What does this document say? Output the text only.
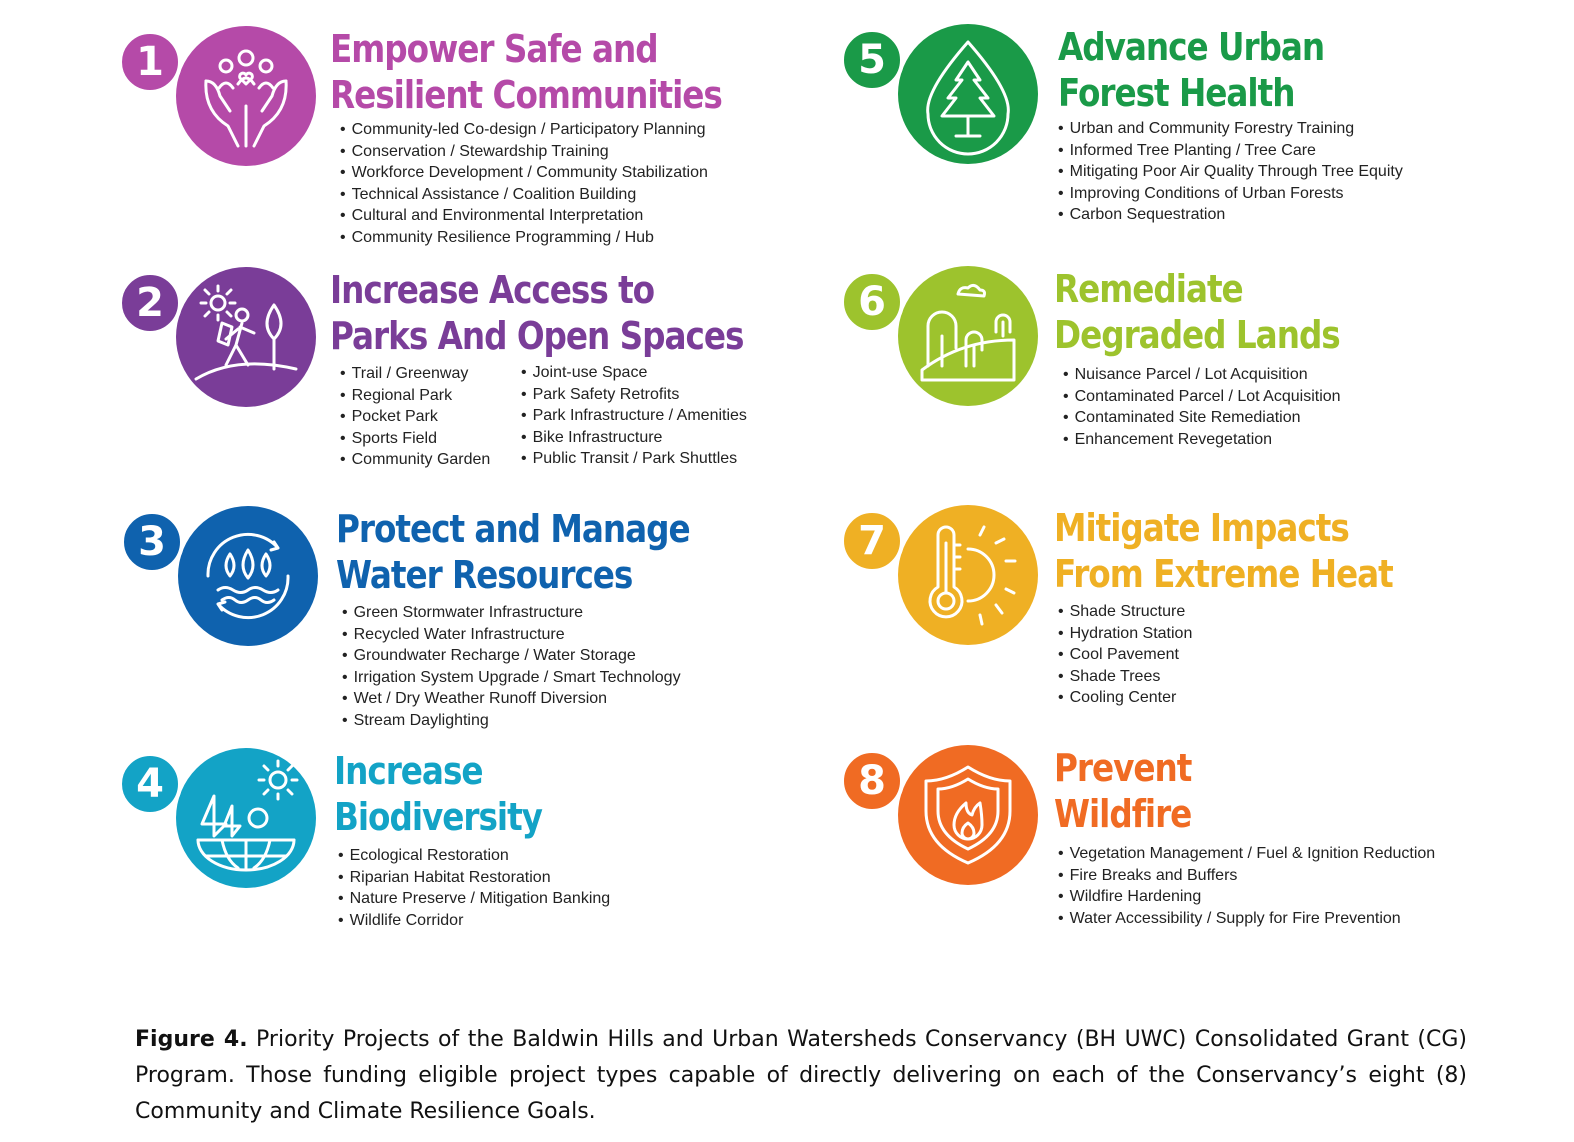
1	Empower Safe and
Resilient Communities
• Community-led Co-design / Participatory Planning
• Conservation / Stewardship Training
• Workforce Development / Community Stabilization
• Technical Assistance / Coalition Building
• Cultural and Environmental Interpretation
• Community Resilience Programming / Hub
2	Increase Access to
Parks And Open Spaces
• Trail / Greenway
• Regional Park
• Pocket Park
• Sports Field
• Community Garden
• Joint-use Space
• Park Safety Retrofits
• Park Infrastructure / Amenities
• Bike Infrastructure
• Public Transit / Park Shuttles
3	Protect and Manage
Water Resources
• Green Stormwater Infrastructure
• Recycled Water Infrastructure
• Groundwater Recharge / Water Storage
• Irrigation System Upgrade / Smart Technology
• Wet / Dry Weather Runoff Diversion
• Stream Daylighting
4	Increase
Biodiversity
• Ecological Restoration
• Riparian Habitat Restoration
• Nature Preserve / Mitigation Banking
• Wildlife Corridor
5	Advance Urban
Forest Health
• Urban and Community Forestry Training
• Informed Tree Planting / Tree Care
• Mitigating Poor Air Quality Through Tree Equity
• Improving Conditions of Urban Forests
• Carbon Sequestration
6	Remediate
Degraded Lands
• Nuisance Parcel / Lot Acquisition
• Contaminated Parcel / Lot Acquisition
• Contaminated Site Remediation
• Enhancement Revegetation
7	Mitigate Impacts
From Extreme Heat
• Shade Structure
• Hydration Station
• Cool Pavement
• Shade Trees
• Cooling Center
8	Prevent
Wildfire
• Vegetation Management / Fuel & Ignition Reduction
• Fire Breaks and Buffers
• Wildfire Hardening
• Water Accessibility / Supply for Fire Prevention

Figure 4. Priority Projects of the Baldwin Hills and Urban Watersheds Conservancy (BH UWC) Consolidated Grant (CG) Program. Those funding eligible project types capable of directly delivering on each of the Conservancy’s eight (8) Community and Climate Resilience Goals.
